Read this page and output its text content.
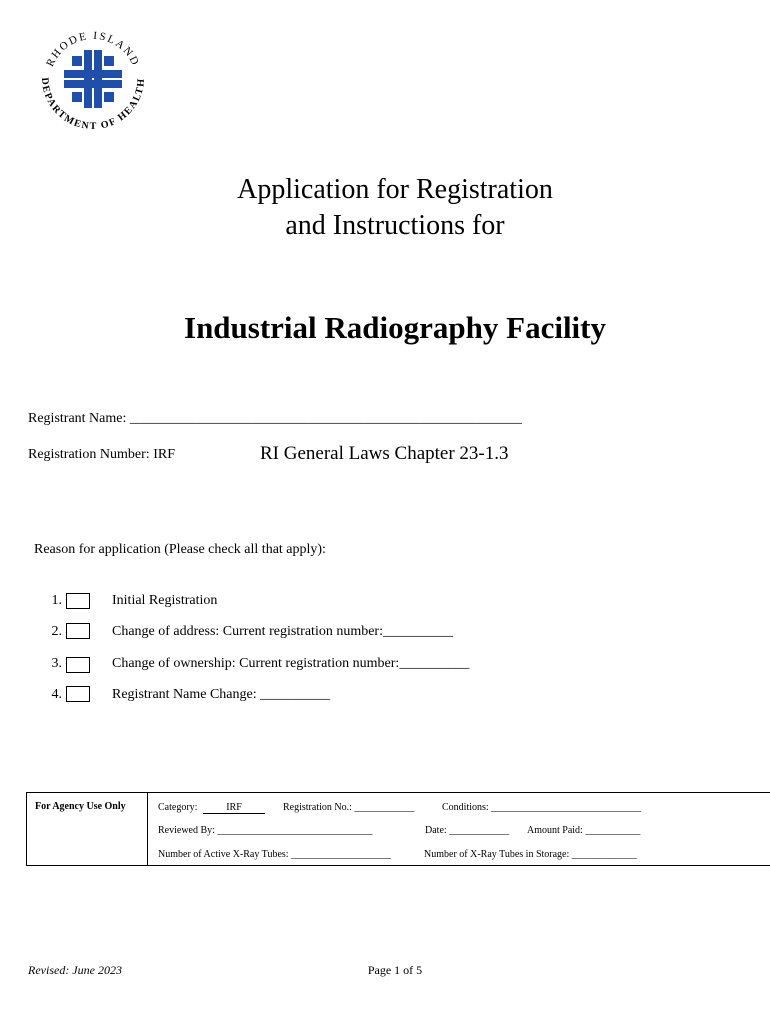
RHODE ISLAND
DEPARTMENT OF HEALTH
Application for Registration
and Instructions for
Industrial Radiography Facility
Registrant Name: ________________________________________________________
Registration Number: IRF	RI General Laws Chapter 23-1.3
Reason for application (Please check all that apply):
1.	Initial Registration
2.	Change of address: Current registration number:__________
3.	Change of ownership: Current registration number:__________
4.	Registrant Name Change: __________
For Agency Use Only	Category:	IRF	Registration No.: ____________	Conditions: ______________________________
Reviewed By: _______________________________	Date: ____________ Amount Paid: ___________
Number of Active X-Ray Tubes: ____________________	Number of X-Ray Tubes in Storage: _____________
Revised: June 2023	Page 1 of 5
